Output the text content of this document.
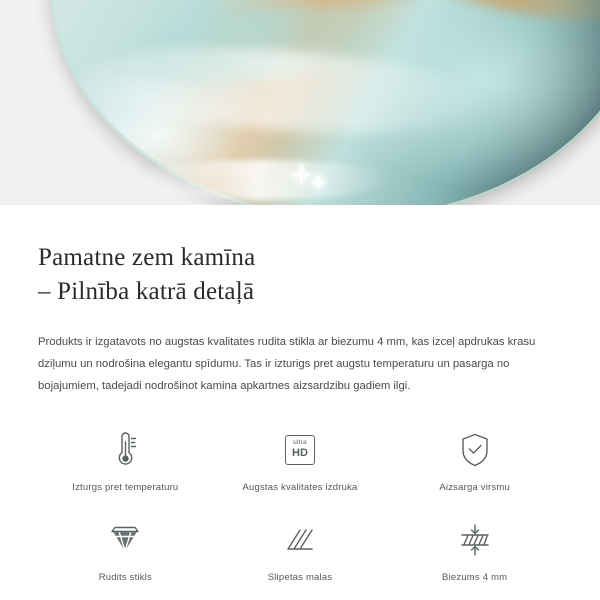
Pamatne zem kamīna
– Pilnība katrā detaļā

Produkts ir izgatavots no augstas kvalitates rudita stikla ar biezumu 4 mm, kas izceļ apdrukas krasu dziļumu un nodrošina elegantu spīdumu. Tas ir izturigs pret augstu temperaturu un pasarga no bojajumiem, tadejadi nodrošinot kamina apkartnes aizsardzibu gadiem ilgi.

Izturgs pret temperaturu
ultra
HD
Augstas kvalitates izdruka	Aizsarga virsmu
Rudits stikls	Slipetas malas	Biezums 4 mm
